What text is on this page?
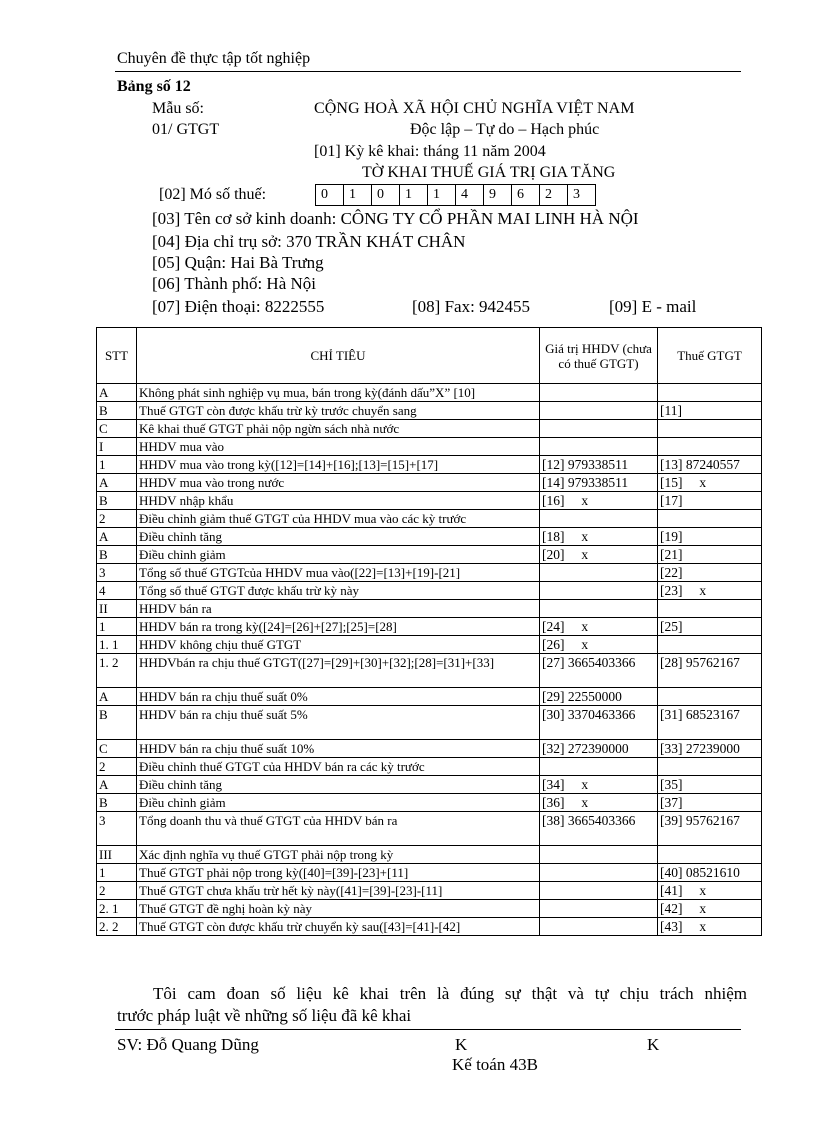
Chuyên đề thực tập tốt nghiệp
Bảng số 12
Mẫu số:	CỘNG HOÀ XÃ HỘI CHỦ NGHĨA VIỆT NAM
01/ GTGT	Độc lập – Tự do – Hạch phúc
[01] Kỳ kê khai: tháng 11 năm 2004
TỜ KHAI THUẾ GIÁ TRỊ GIA TĂNG
[02] Mó số thuế:	0	1	0	1	1	4	9	6	2	3
[03] Tên cơ sở kinh doanh: CÔNG TY CỔ PHẦN MAI LINH HÀ NỘI
[04] Địa chỉ trụ sở: 370 TRẦN KHÁT CHÂN
[05] Quận: Hai Bà Trưng
[06] Thành phố: Hà Nội
[07] Điện thoại: 8222555	[08] Fax: 942455	[09] E - mail
STT	CHỈ TIÊU	Giá trị HHDV (chưa có thuế GTGT)	Thuế GTGT
A	Không phát sinh nghiệp vụ mua, bán trong kỳ(đánh dấu”X” [10]		
B	Thuế GTGT còn được khấu trừ kỳ trước chuyển sang		[11]
C	Kê khai thuế GTGT phải nộp ngừn sách nhà nước		
I	HHDV mua vào		
1	HHDV mua vào trong kỳ([12]=[14]+[16];[13]=[15]+[17]	[12] 979338511	[13] 87240557
A	HHDV mua vào trong nước	[14] 979338511	[15]     x
B	HHDV nhập khẩu	[16]     x	[17]
2	Điều chỉnh giảm thuế GTGT của HHDV mua vào các kỳ trước		
A	Điều chỉnh tăng	[18]     x	[19]
B	Điều chỉnh giảm	[20]     x	[21]
3	Tổng số thuế GTGTcủa HHDV mua vào([22]=[13]+[19]-[21]		[22]
4	Tổng số thuế GTGT được khấu trừ kỳ này		[23]     x
II	HHDV bán ra		
1	HHDV bán ra trong kỳ([24]=[26]+[27];[25]=[28]	[24]     x	[25]
1. 1	HHDV không chịu thuế GTGT	[26]     x	
1. 2	HHDVbán ra chịu thuế GTGT([27]=[29]+[30]+[32];[28]=[31]+[33]	[27] 3665403366	[28] 95762167
A	HHDV bán ra chịu thuế suất 0%	[29] 22550000	
B	HHDV bán ra chịu thuế suất 5%	[30] 3370463366	[31] 68523167
C	HHDV bán ra chịu thuế suất 10%	[32] 272390000	[33] 27239000
2	Điều chỉnh thuế GTGT của HHDV bán ra các kỳ trước		
A	Điều chỉnh tăng	[34]     x	[35]
B	Điều chỉnh giảm	[36]     x	[37]
3	Tổng doanh thu và thuế GTGT của HHDV bán ra	[38] 3665403366	[39] 95762167
III	Xác định nghĩa vụ thuế GTGT phải nộp trong kỳ		
1	Thuế GTGT phải nộp trong kỳ([40]=[39]-[23]+[11]		[40] 08521610
2	Thuế GTGT chưa khấu trừ hết kỳ này([41]=[39]-[23]-[11]		[41]     x
2. 1	Thuế GTGT đề nghị hoàn kỳ này		[42]     x
2. 2	Thuế GTGT còn được khấu trừ chuyển kỳ sau([43]=[41]-[42]		[43]     x
Tôi cam đoan số liệu kê khai trên là đúng sự thật và tự chịu trách nhiệm
trước pháp luật về những số liệu đã kê khai
SV: Đỗ Quang Dũng	K	K
Kế toán 43B
